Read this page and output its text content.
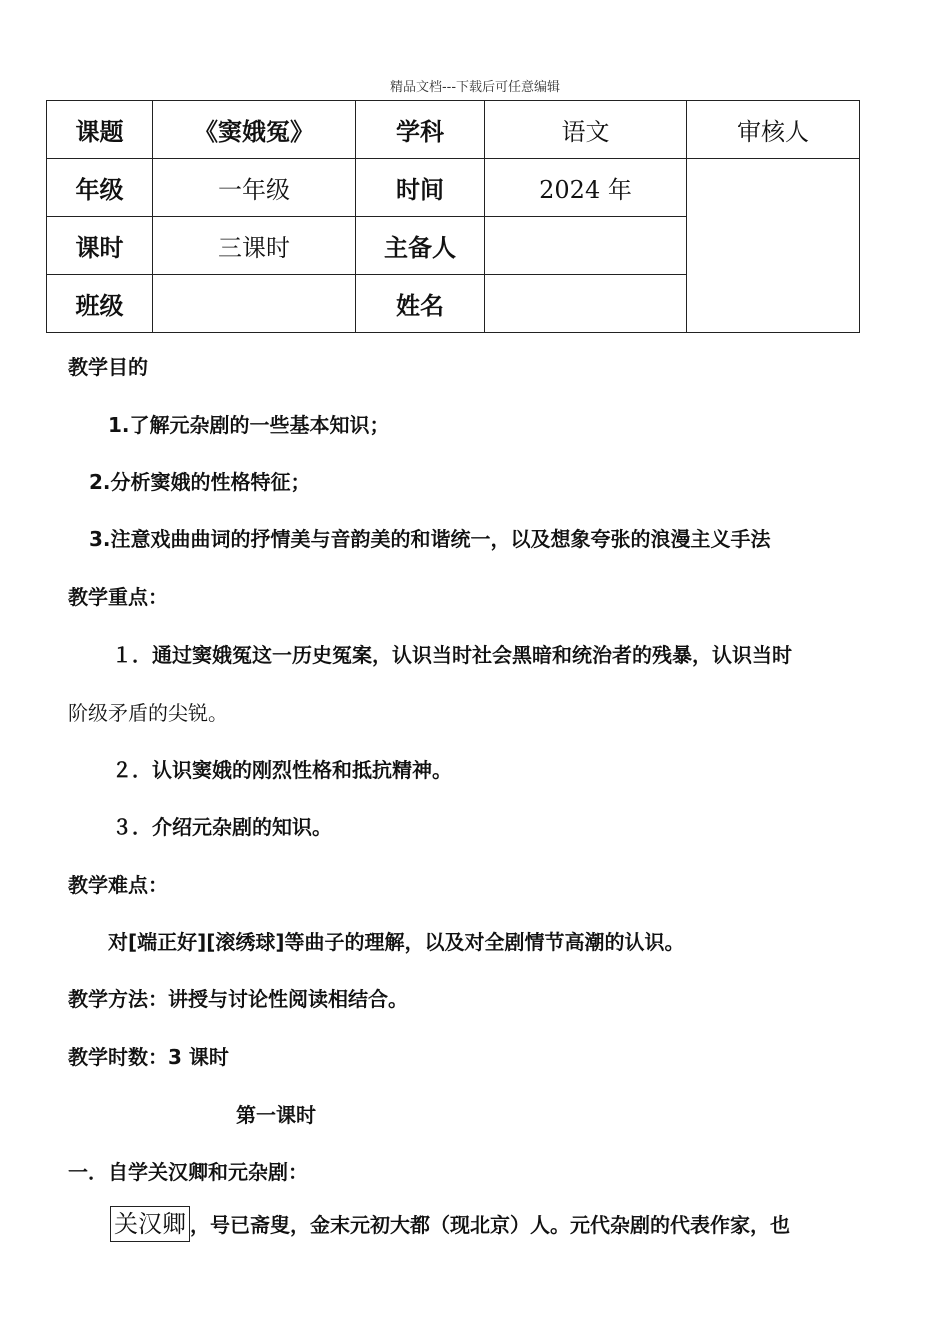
精品文档---下载后可任意编辑
课题	《窦娥冤》	学科	语文	审核人
年级	一年级	时间	2024 年	
课时	三课时	主备人		
班级		姓名		
教学目的
1.了解元杂剧的一些基本知识；
2.分析窦娥的性格特征；
3.注意戏曲曲词的抒情美与音韵美的和谐统一，以及想象夸张的浪漫主义手法
教学重点：
１．通过窦娥冤这一历史冤案，认识当时社会黑暗和统治者的残暴，认识当时
阶级矛盾的尖锐。
２．认识窦娥的刚烈性格和抵抗精神。
３．介绍元杂剧的知识。
教学难点：
对[端正好][滚绣球]等曲子的理解，以及对全剧情节高潮的认识。
教学方法：讲授与讨论性阅读相结合。
教学时数：3 课时
第一课时
一．自学关汉卿和元杂剧：
关汉卿 ，号已斋叟，金末元初大都（现北京）人。元代杂剧的代表作家，也
